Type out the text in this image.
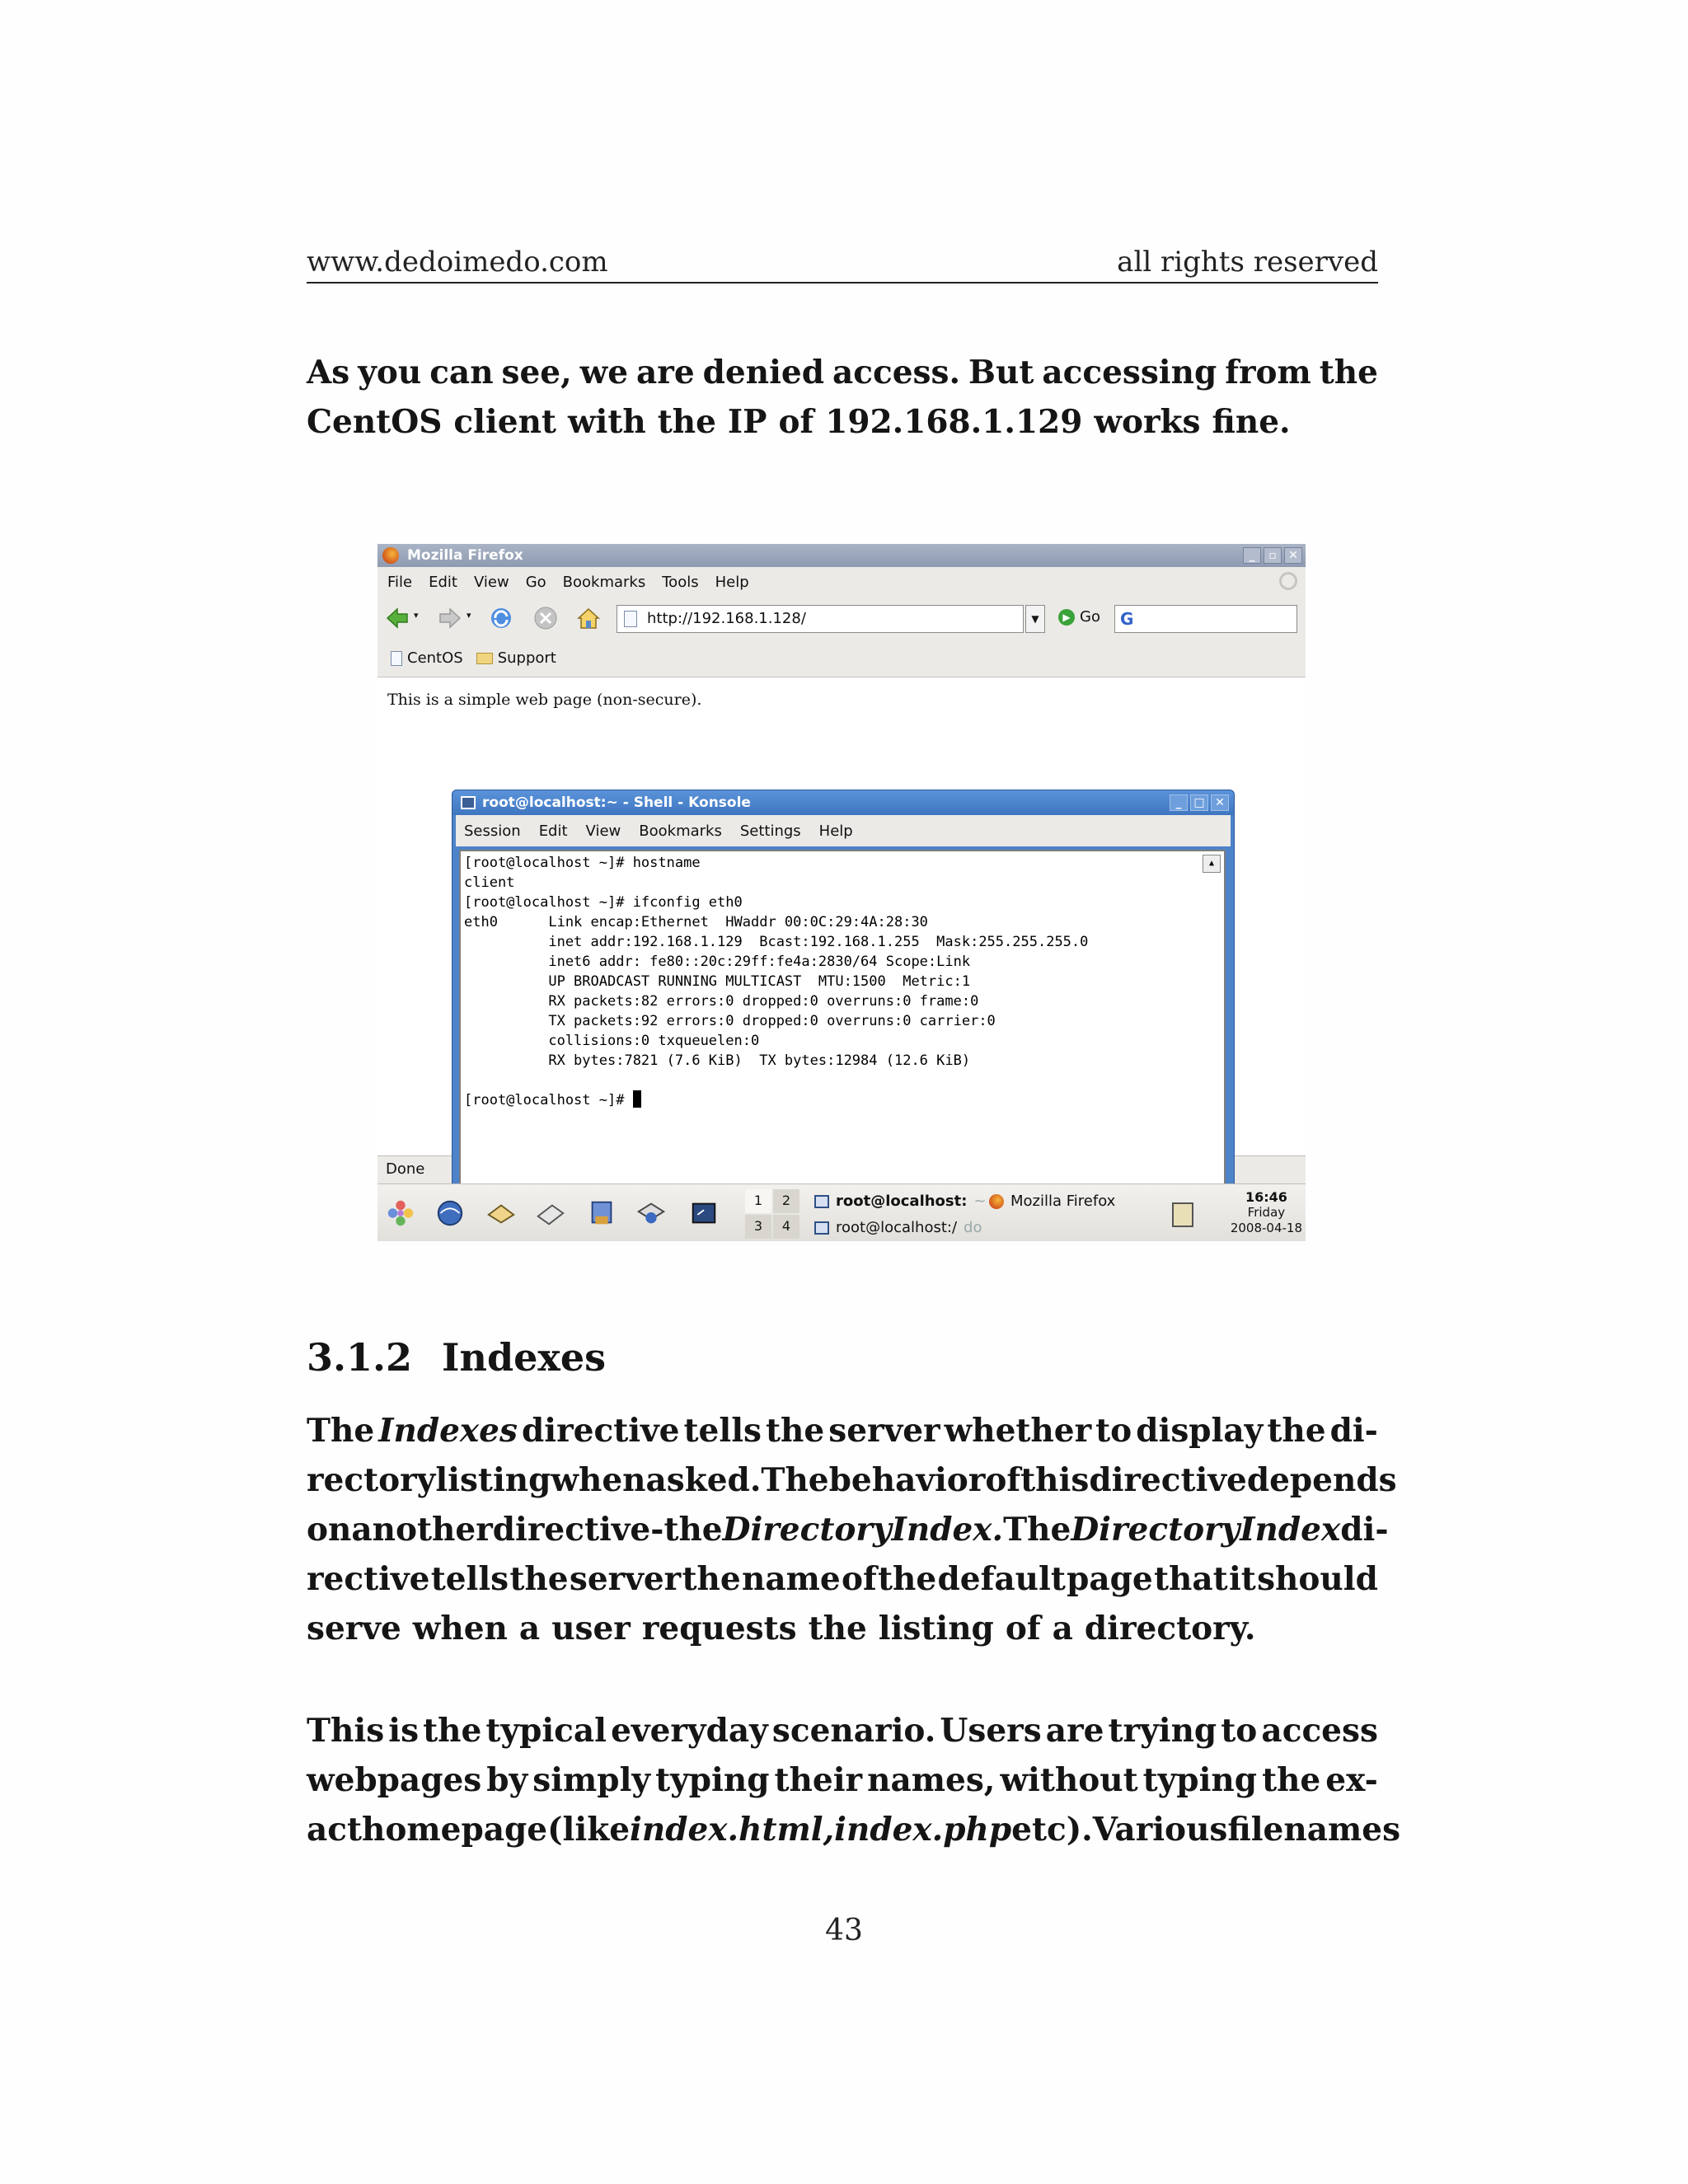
www.dedoimedo.com	all rights reserved
As you can see, we are denied access. But accessing from the
CentOS client with the IP of 192.168.1.129 works fine.
Mozilla Firefox	_	▫	✕
File Edit View Go Bookmarks Tools Help
▾	▾	http://192.168.1.128/	▼	▶ Go G
CentOS Support
This is a simple web page (non-secure).
Done
root@localhost:~ - Shell - Konsole	_	□ ✕
Session Edit View Bookmarks Settings Help
▲
[root@localhost ~]# hostname
client
[root@localhost ~]# ifconfig eth0
eth0      Link encap:Ethernet  HWaddr 00:0C:29:4A:28:30
inet addr:192.168.1.129  Bcast:192.168.1.255  Mask:255.255.255.0
inet6 addr: fe80::20c:29ff:fe4a:2830/64 Scope:Link
UP BROADCAST RUNNING MULTICAST  MTU:1500  Metric:1
RX packets:82 errors:0 dropped:0 overruns:0 frame:0
TX packets:92 errors:0 dropped:0 overruns:0 carrier:0
collisions:0 txqueuelen:0
RX bytes:7821 (7.6 KiB)  TX bytes:12984 (12.6 KiB)
[root@localhost ~]#
1	2
3	4
root@localhost: ~ Mozilla Firefox
root@localhost:/ do
16:46
Friday
2008-04-18
3.1.2 Indexes
The Indexes directive tells the server whether to display the di-
rectory listing when asked. The behavior of this directive depends
on another directive - the DirectoryIndex. The DirectoryIndex di-
rective tells the server the name of the default page that it should
serve when a user requests the listing of a directory.
This is the typical everyday scenario. Users are trying to access
webpages by simply typing their names, without typing the ex-
act homepage (like index.html, index.php etc). Various file names
43
